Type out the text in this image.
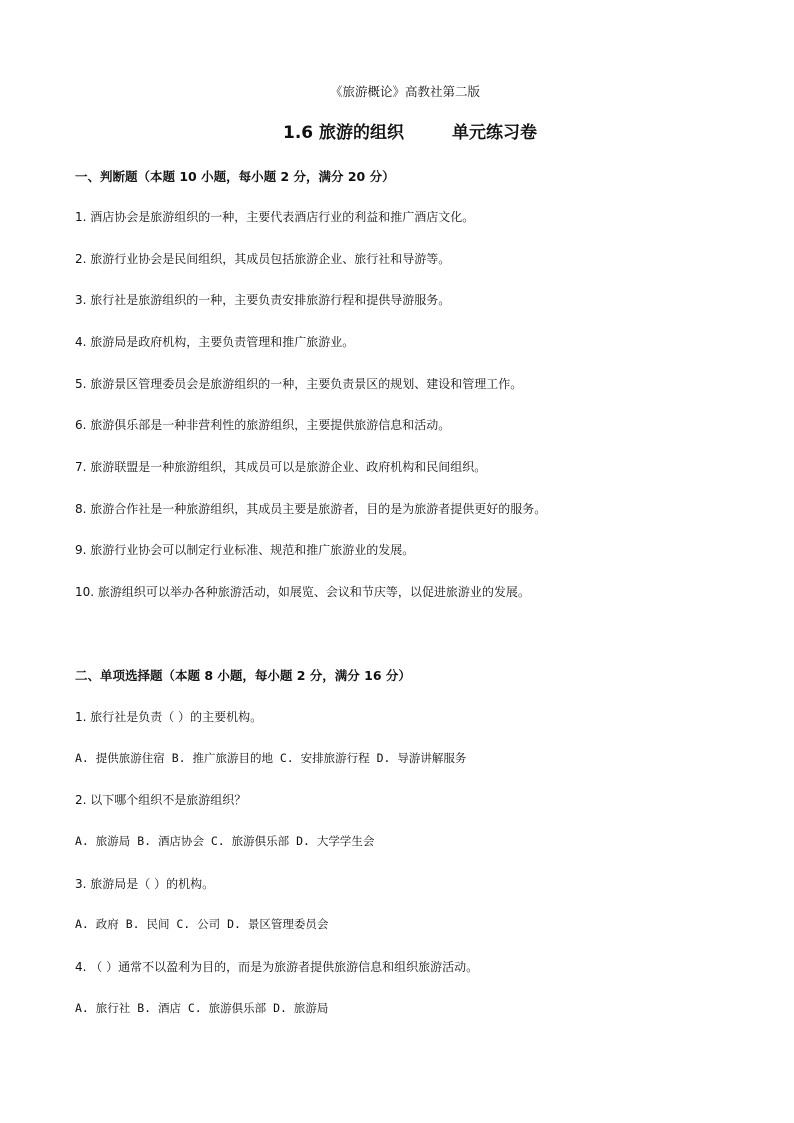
《旅游概论》高教社第二版
1.6 旅游的组织	单元练习卷
一、判断题（本题 10 小题，每小题 2 分，满分 20 分）
1. 酒店协会是旅游组织的一种，主要代表酒店行业的利益和推广酒店文化。
2. 旅游行业协会是民间组织，其成员包括旅游企业、旅行社和导游等。
3. 旅行社是旅游组织的一种，主要负责安排旅游行程和提供导游服务。
4. 旅游局是政府机构，主要负责管理和推广旅游业。
5. 旅游景区管理委员会是旅游组织的一种，主要负责景区的规划、建设和管理工作。
6. 旅游俱乐部是一种非营利性的旅游组织，主要提供旅游信息和活动。
7. 旅游联盟是一种旅游组织，其成员可以是旅游企业、政府机构和民间组织。
8. 旅游合作社是一种旅游组织，其成员主要是旅游者，目的是为旅游者提供更好的服务。
9. 旅游行业协会可以制定行业标准、规范和推广旅游业的发展。
10. 旅游组织可以举办各种旅游活动，如展览、会议和节庆等，以促进旅游业的发展。
二、单项选择题（本题 8 小题，每小题 2 分，满分 16 分）
1. 旅行社是负责（ ）的主要机构。
A. 提供旅游住宿 B. 推广旅游目的地 C. 安排旅游行程 D. 导游讲解服务
2. 以下哪个组织不是旅游组织？
A. 旅游局 B. 酒店协会 C. 旅游俱乐部 D. 大学学生会
3. 旅游局是（ ）的机构。
A. 政府 B. 民间 C. 公司 D. 景区管理委员会
4. （ ）通常不以盈利为目的，而是为旅游者提供旅游信息和组织旅游活动。
A. 旅行社 B. 酒店 C. 旅游俱乐部 D. 旅游局
